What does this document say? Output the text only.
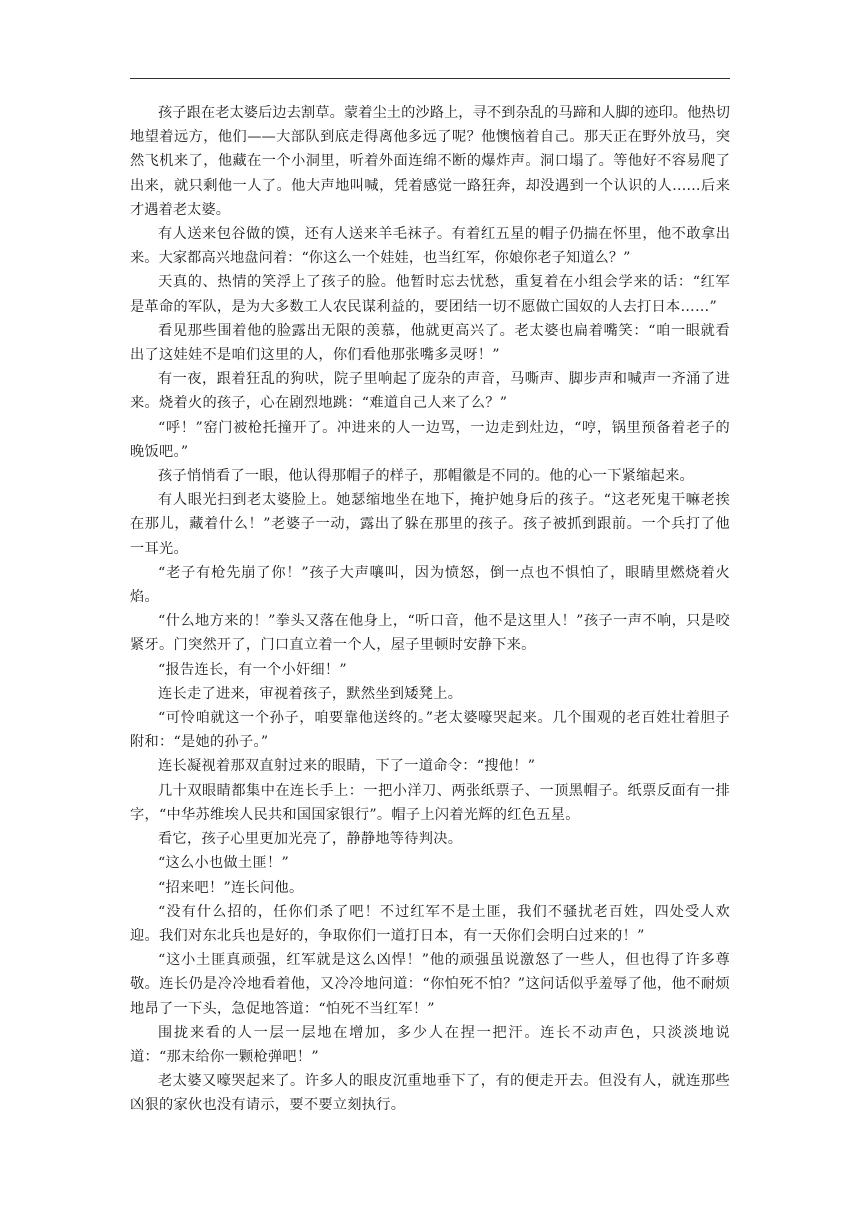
孩子跟在老太婆后边去割草。蒙着尘土的沙路上，寻不到杂乱的马蹄和人脚的迹印。他热切地望着远方，他们——大部队到底走得离他多远了呢？他懊恼着自己。那天正在野外放马，突然飞机来了，他藏在一个小洞里，听着外面连绵不断的爆炸声。洞口塌了。等他好不容易爬了出来，就只剩他一人了。他大声地叫喊，凭着感觉一路狂奔，却没遇到一个认识的人……后来才遇着老太婆。

有人送来包谷做的馍，还有人送来羊毛袜子。有着红五星的帽子仍揣在怀里，他不敢拿出来。大家都高兴地盘问着：“你这么一个娃娃，也当红军，你娘你老子知道么？”

天真的、热情的笑浮上了孩子的脸。他暂时忘去忧愁，重复着在小组会学来的话：“红军是革命的军队，是为大多数工人农民谋利益的，要团结一切不愿做亡国奴的人去打日本……”

看见那些围着他的脸露出无限的羡慕，他就更高兴了。老太婆也扁着嘴笑：“咱一眼就看出了这娃娃不是咱们这里的人，你们看他那张嘴多灵呀！”

有一夜，跟着狂乱的狗吠，院子里响起了庞杂的声音，马嘶声、脚步声和喊声一齐涌了进来。烧着火的孩子，心在剧烈地跳：“难道自己人来了么？”

“呼！”窑门被枪托撞开了。冲进来的人一边骂，一边走到灶边，“哼，锅里预备着老子的晚饭吧。”

孩子悄悄看了一眼，他认得那帽子的样子，那帽徽是不同的。他的心一下紧缩起来。

有人眼光扫到老太婆脸上。她瑟缩地坐在地下，掩护她身后的孩子。“这老死鬼干嘛老挨在那儿，藏着什么！”老婆子一动，露出了躲在那里的孩子。孩子被抓到跟前。一个兵打了他一耳光。

“老子有枪先崩了你！”孩子大声嚷叫，因为愤怒，倒一点也不惧怕了，眼睛里燃烧着火焰。

“什么地方来的！”拳头又落在他身上，“听口音，他不是这里人！”孩子一声不响，只是咬紧牙。门突然开了，门口直立着一个人，屋子里顿时安静下来。

“报告连长，有一个小奸细！”

连长走了进来，审视着孩子，默然坐到矮凳上。

“可怜咱就这一个孙子，咱要靠他送终的。”老太婆嚎哭起来。几个围观的老百姓壮着胆子附和：“是她的孙子。”

连长凝视着那双直射过来的眼睛，下了一道命令：“搜他！”

几十双眼睛都集中在连长手上：一把小洋刀、两张纸票子、一顶黑帽子。纸票反面有一排字，“中华苏维埃人民共和国国家银行”。帽子上闪着光辉的红色五星。

看它，孩子心里更加光亮了，静静地等待判决。

“这么小也做土匪！”

“招来吧！”连长问他。

“没有什么招的，任你们杀了吧！不过红军不是土匪，我们不骚扰老百姓，四处受人欢迎。我们对东北兵也是好的，争取你们一道打日本，有一天你们会明白过来的！”

“这小土匪真顽强，红军就是这么凶悍！”他的顽强虽说激怒了一些人，但也得了许多尊敬。连长仍是冷冷地看着他，又冷冷地问道：“你怕死不怕？”这问话似乎羞辱了他，他不耐烦地昂了一下头，急促地答道：“怕死不当红军！”

围拢来看的人一层一层地在增加，多少人在捏一把汗。连长不动声色，只淡淡地说道：“那末给你一颗枪弹吧！”

老太婆又嚎哭起来了。许多人的眼皮沉重地垂下了，有的便走开去。但没有人，就连那些凶狠的家伙也没有请示，要不要立刻执行。
